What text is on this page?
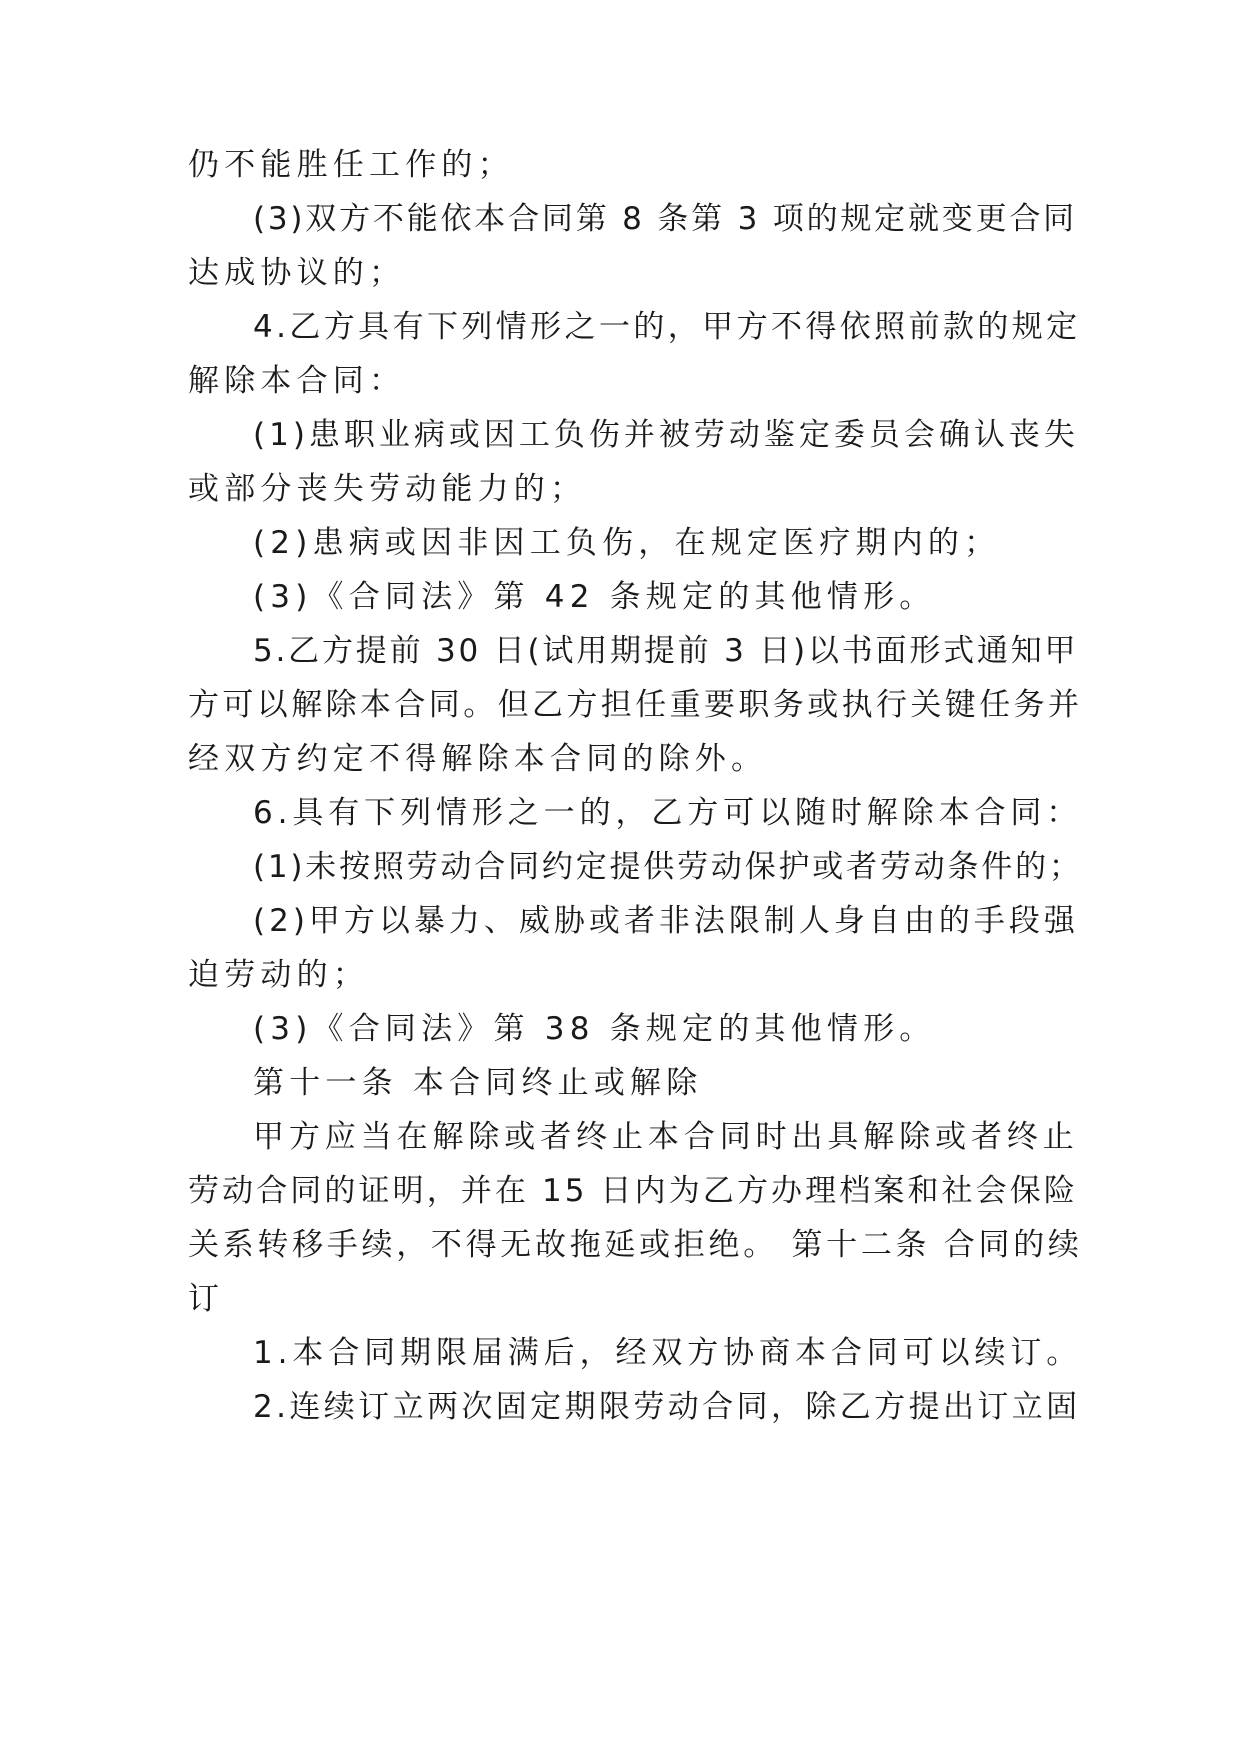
仍不能胜任工作的；
(3)双方不能依本合同第 8 条第 3 项的规定就变更合同
达成协议的；
4.乙方具有下列情形之一的，甲方不得依照前款的规定
解除本合同：
(1)患职业病或因工负伤并被劳动鉴定委员会确认丧失
或部分丧失劳动能力的；
(2)患病或因非因工负伤，在规定医疗期内的；
(3)《合同法》第 42 条规定的其他情形。
5.乙方提前 30 日(试用期提前 3 日)以书面形式通知甲
方可以解除本合同。但乙方担任重要职务或执行关键任务并
经双方约定不得解除本合同的除外。
6.具有下列情形之一的，乙方可以随时解除本合同：
(1)未按照劳动合同约定提供劳动保护或者劳动条件的；
(2)甲方以暴力、威胁或者非法限制人身自由的手段强
迫劳动的；
(3)《合同法》第 38 条规定的其他情形。
第十一条 本合同终止或解除
甲方应当在解除或者终止本合同时出具解除或者终止
劳动合同的证明，并在 15 日内为乙方办理档案和社会保险
关系转移手续，不得无故拖延或拒绝。 第十二条 合同的续
订
1.本合同期限届满后，经双方协商本合同可以续订。
2.连续订立两次固定期限劳动合同，除乙方提出订立固
